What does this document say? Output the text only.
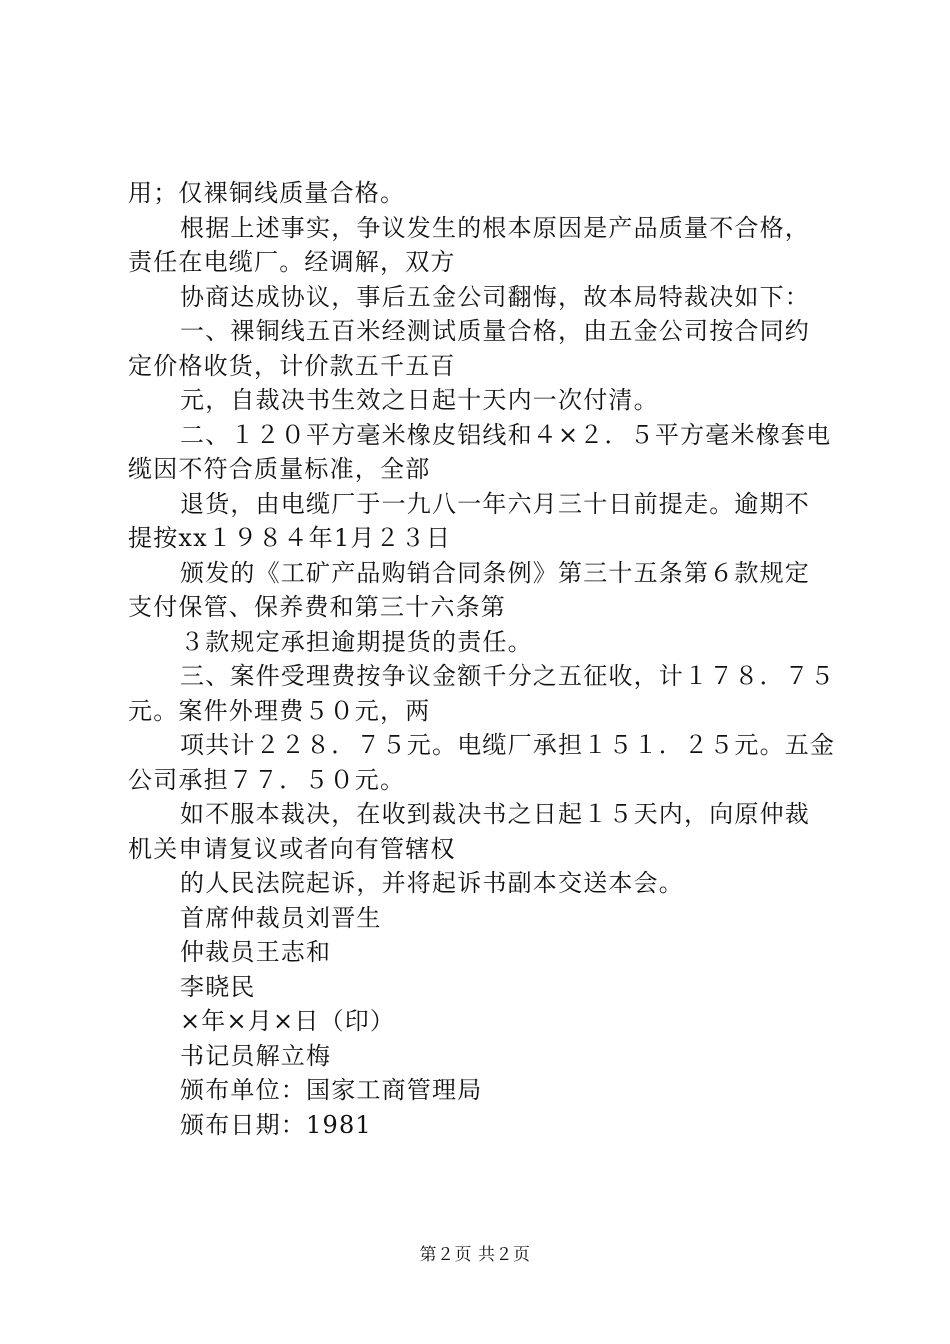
用；仅裸铜线质量合格。
根据上述事实，争议发生的根本原因是产品质量不合格，
责任在电缆厂。经调解，双方
协商达成协议，事后五金公司翻悔，故本局特裁决如下：
一、裸铜线五百米经测试质量合格，由五金公司按合同约
定价格收货，计价款五千五百
元，自裁决书生效之日起十天内一次付清。
二、１２０平方毫米橡皮铝线和４×２．５平方毫米橡套电
缆因不符合质量标准，全部
退货，由电缆厂于一九八一年六月三十日前提走。逾期不
提按xx１９８４年1月２３日
颁发的《工矿产品购销合同条例》第三十五条第６款规定
支付保管、保养费和第三十六条第
３款规定承担逾期提货的责任。
三、案件受理费按争议金额千分之五征收，计１７８．７５
元。案件外理费５０元，两
项共计２２８．７５元。电缆厂承担１５１．２５元。五金
公司承担７７．５０元。
如不服本裁决，在收到裁决书之日起１５天内，向原仲裁
机关申请复议或者向有管辖权
的人民法院起诉，并将起诉书副本交送本会。
首席仲裁员刘晋生
仲裁员王志和
李晓民
×年×月×日（印）
书记员解立梅
颁布单位：国家工商管理局
颁布日期：1981
第２页 共２页
